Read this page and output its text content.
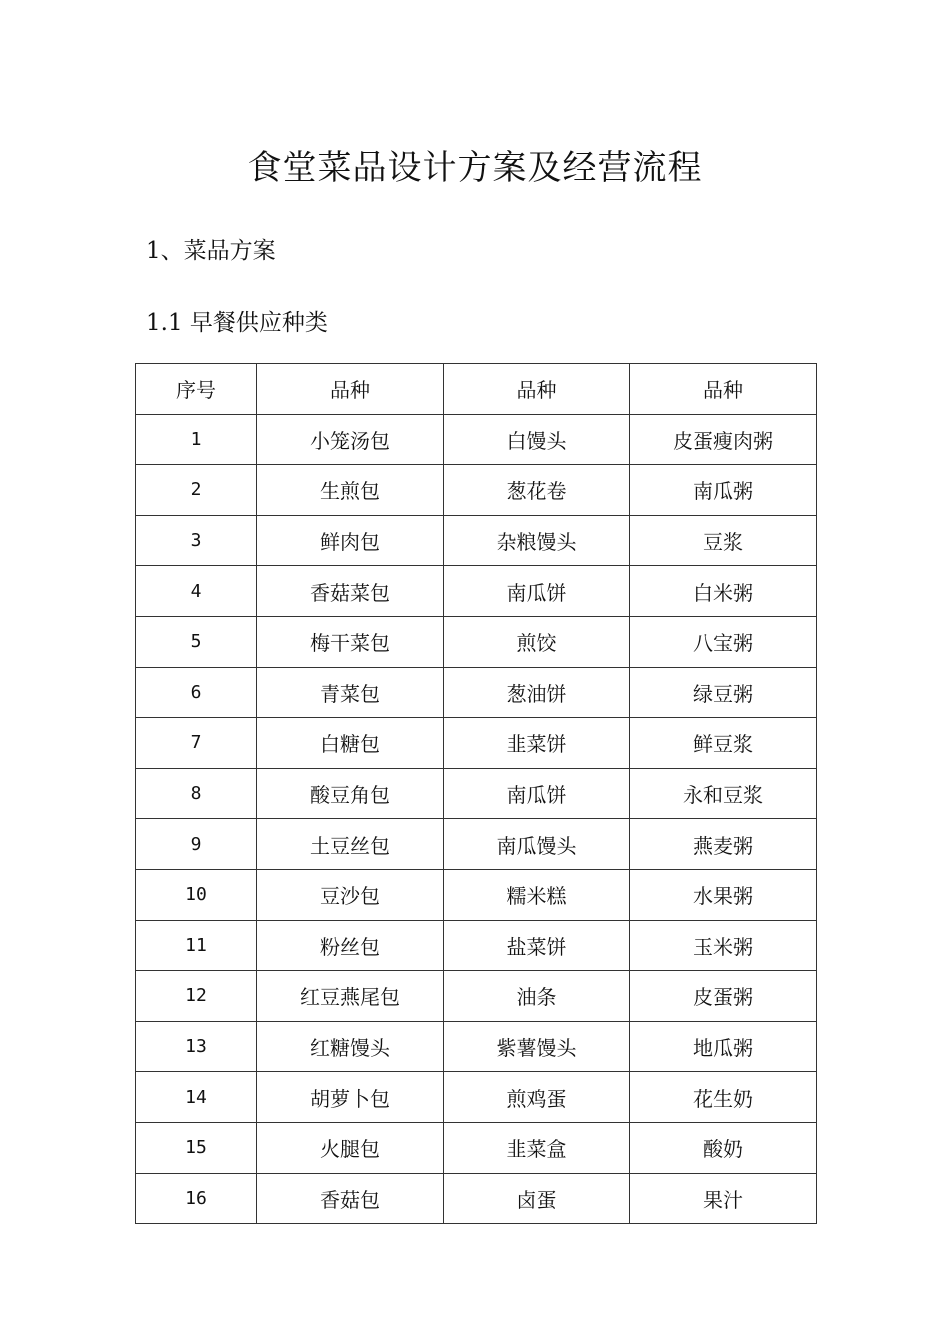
食堂菜品设计方案及经营流程
1、菜品方案
1.1 早餐供应种类
序号	品种	品种	品种
1	小笼汤包	白馒头	皮蛋瘦肉粥
2	生煎包	葱花卷	南瓜粥
3	鲜肉包	杂粮馒头	豆浆
4	香菇菜包	南瓜饼	白米粥
5	梅干菜包	煎饺	八宝粥
6	青菜包	葱油饼	绿豆粥
7	白糖包	韭菜饼	鲜豆浆
8	酸豆角包	南瓜饼	永和豆浆
9	土豆丝包	南瓜馒头	燕麦粥
10	豆沙包	糯米糕	水果粥
11	粉丝包	盐菜饼	玉米粥
12	红豆燕尾包	油条	皮蛋粥
13	红糖馒头	紫薯馒头	地瓜粥
14	胡萝卜包	煎鸡蛋	花生奶
15	火腿包	韭菜盒	酸奶
16	香菇包	卤蛋	果汁
